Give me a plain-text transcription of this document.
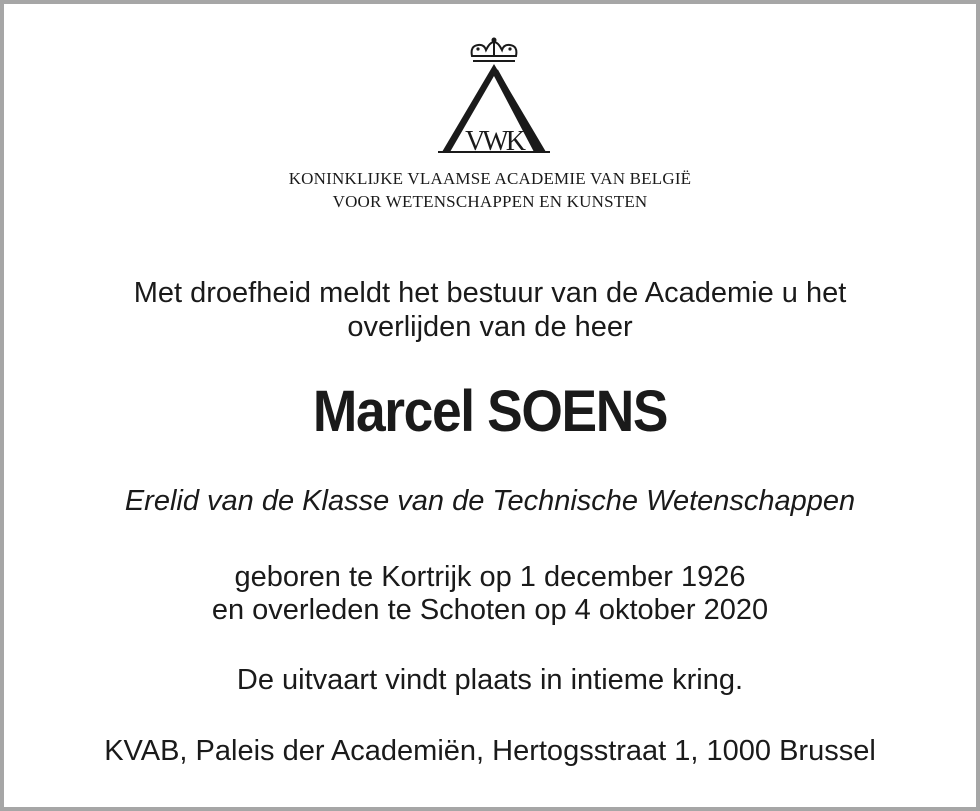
VWK
KONINKLIJKE VLAAMSE ACADEMIE VAN BELGIË
VOOR WETENSCHAPPEN EN KUNSTEN
Met droefheid meldt het bestuur van de Academie u het
overlijden van de heer
Marcel SOENS
Erelid van de Klasse van de Technische Wetenschappen
geboren te Kortrijk op 1 december 1926
en overleden te Schoten op 4 oktober 2020
De uitvaart vindt plaats in intieme kring.
KVAB, Paleis der Academiën, Hertogsstraat 1, 1000 Brussel
